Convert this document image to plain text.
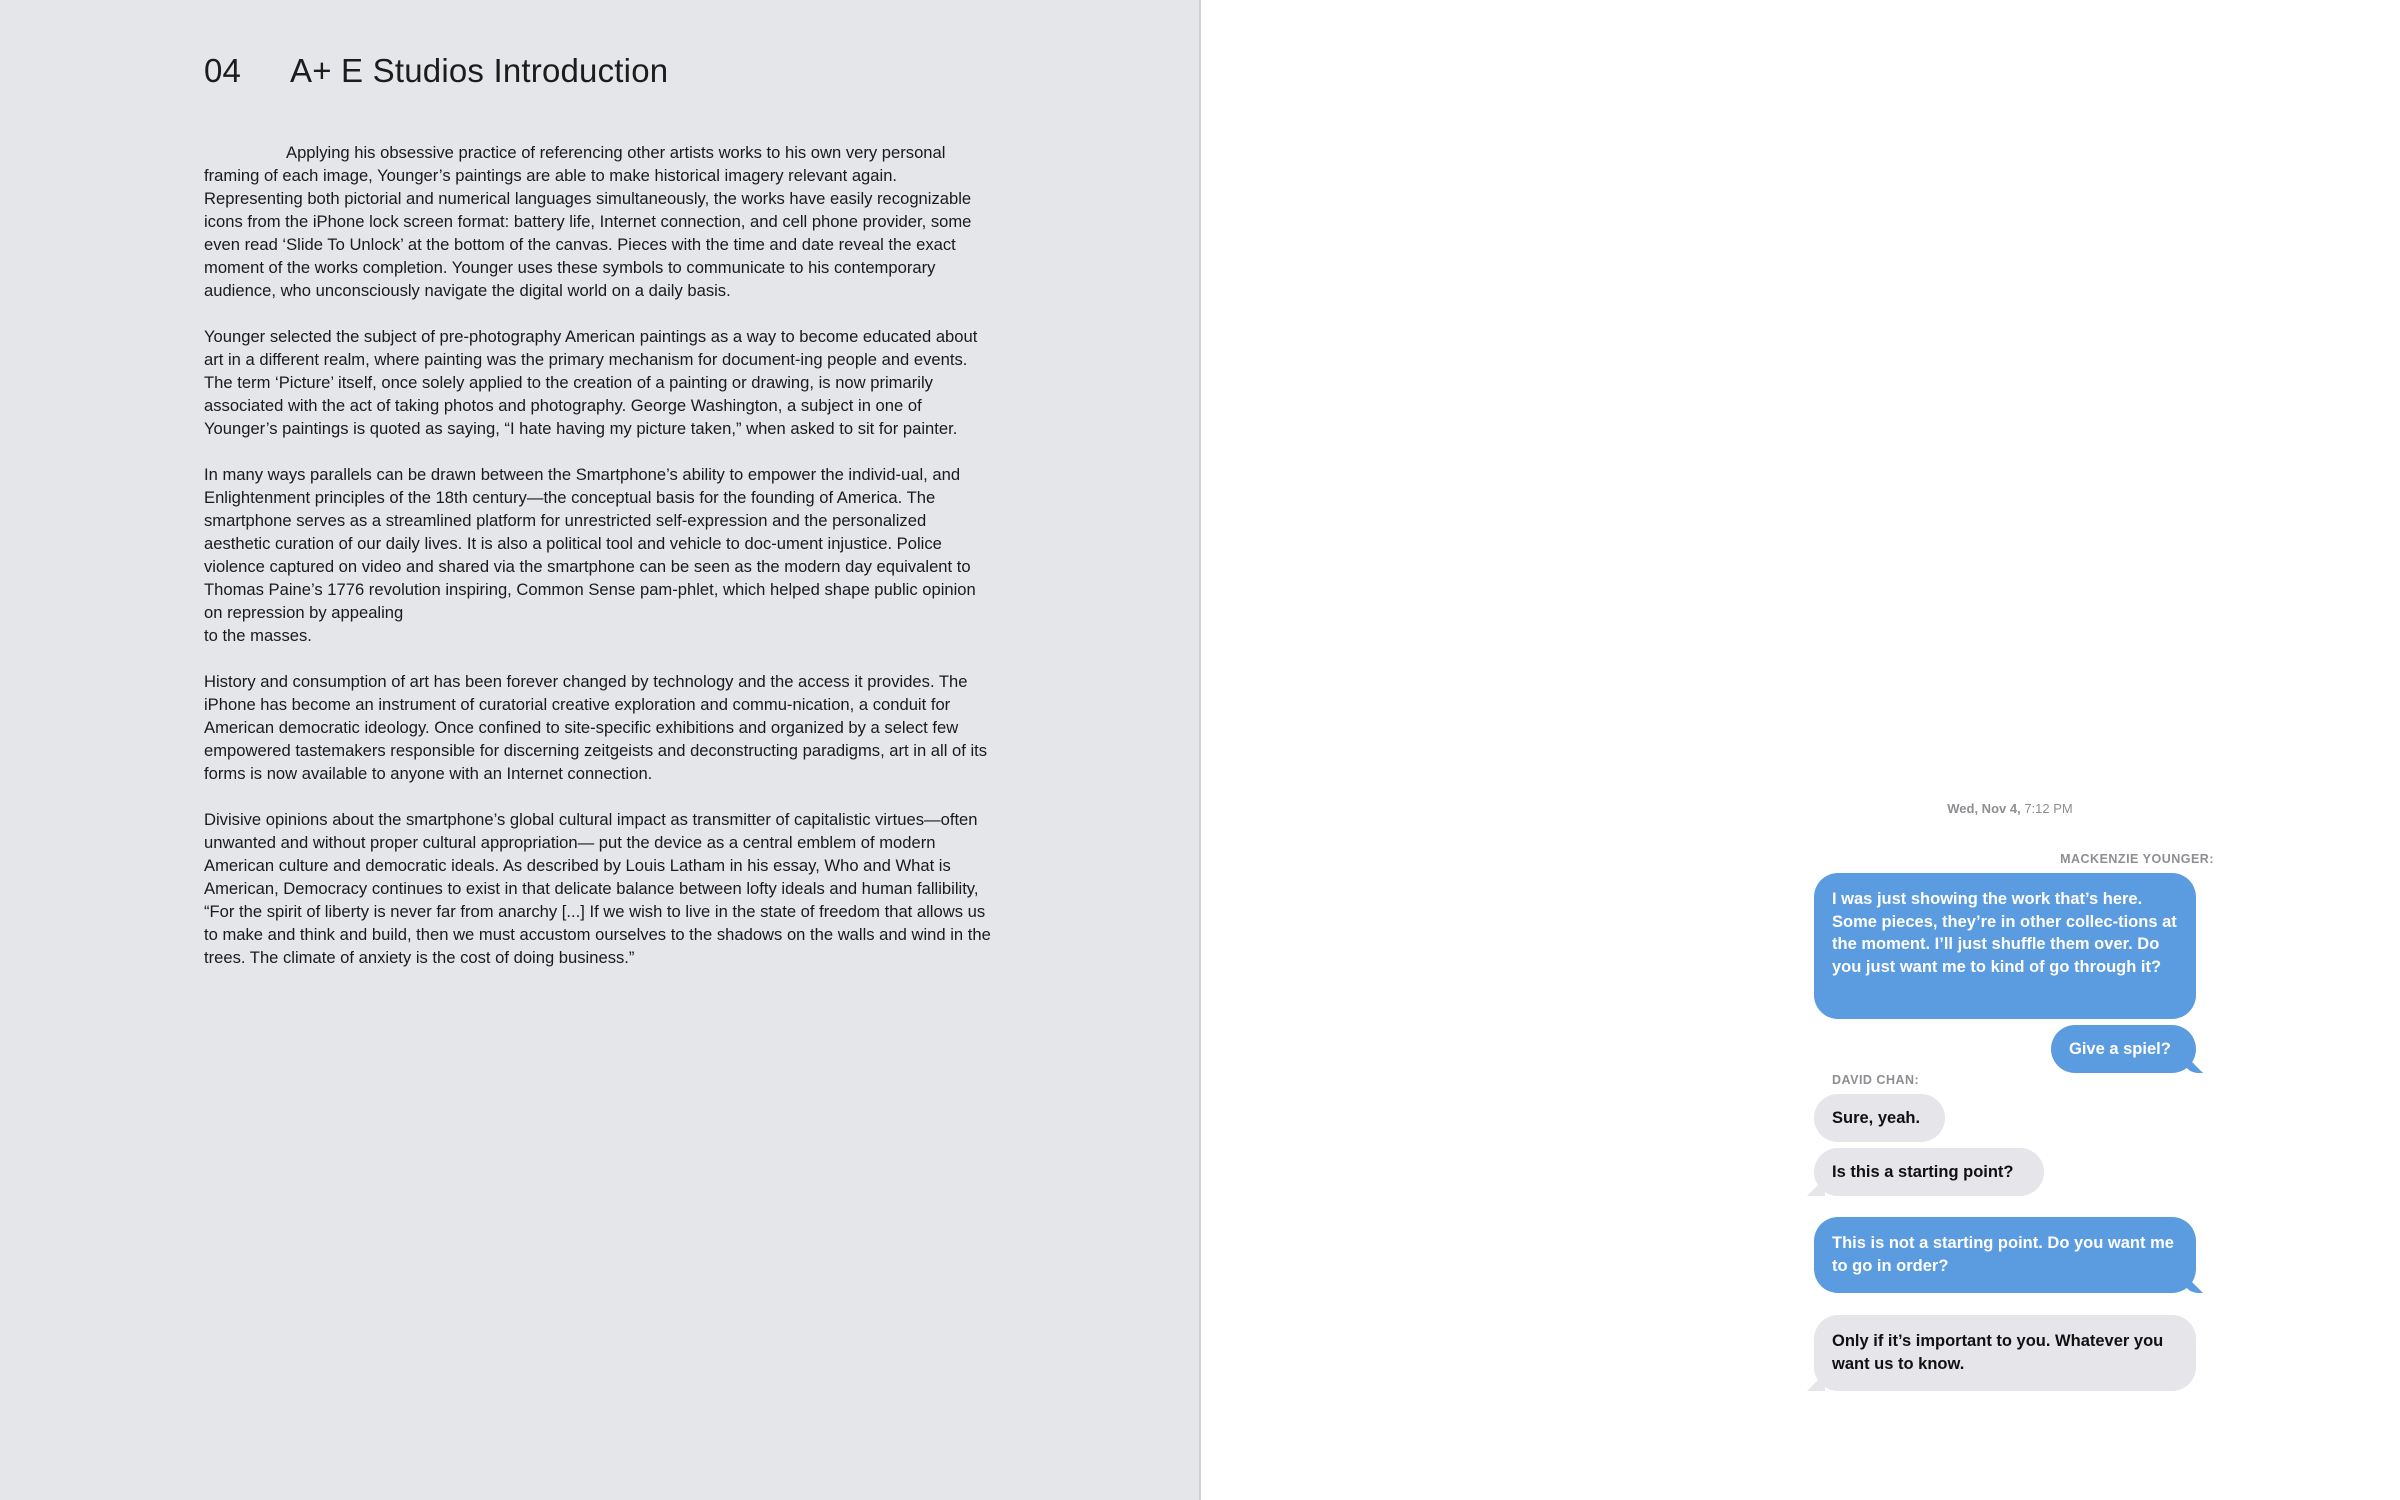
04 A+ E Studios Introduction

Applying his obsessive practice of referencing other artists works to his own very personal framing of each image, Younger’s paintings are able to make historical imagery relevant again. Representing both pictorial and numerical languages simultaneously, the works have easily recognizable icons from the iPhone lock screen format: battery life, Internet connection, and cell phone provider, some even read ‘Slide To Unlock’ at the bottom of the canvas. Pieces with the time and date reveal the exact moment of the works completion. Younger uses these symbols to communicate to his contemporary audience, who unconsciously navigate the digital world on a daily basis.

Younger selected the subject of pre-photography American paintings as a way to become educated about art in a different realm, where painting was the primary mechanism for document-ing people and events. The term ‘Picture’ itself, once solely applied to the creation of a painting or drawing, is now primarily associated with the act of taking photos and photography. George Washington, a subject in one of Younger’s paintings is quoted as saying, “I hate having my picture taken,” when asked to sit for painter.

In many ways parallels can be drawn between the Smartphone’s ability to empower the individ-ual, and Enlightenment principles of the 18th century—the conceptual basis for the founding of America. The smartphone serves as a streamlined platform for unrestricted self-expression and the personalized aesthetic curation of our daily lives. It is also a political tool and vehicle to doc-ument injustice. Police violence captured on video and shared via the smartphone can be seen as the modern day equivalent to Thomas Paine’s 1776 revolution inspiring, Common Sense pam-phlet, which helped shape public opinion on repression by appealing
to the masses.

History and consumption of art has been forever changed by technology and the access it provides. The iPhone has become an instrument of curatorial creative exploration and commu-nication, a conduit for American democratic ideology. Once confined to site-specific exhibitions and organized by a select few empowered tastemakers responsible for discerning zeitgeists and deconstructing paradigms, art in all of its forms is now available to anyone with an Internet connection.

Divisive opinions about the smartphone’s global cultural impact as transmitter of capitalistic virtues—often unwanted and without proper cultural appropriation— put the device as a central emblem of modern American culture and democratic ideals. As described by Louis Latham in his essay, Who and What is American, Democracy continues to exist in that delicate balance between lofty ideals and human fallibility, “For the spirit of liberty is never far from anarchy [...] If we wish to live in the state of freedom that allows us to make and think and build, then we must accustom ourselves to the shadows on the walls and wind in the trees. The climate of anxiety is the cost of doing business.”

Wed, Nov 4, 7:12 PM
MACKENZIE YOUNGER:
I was just showing the work that’s here. Some pieces, they’re in other collec-tions at the moment. I’ll just shuffle them over. Do you just want me to kind of go through it?
Give a spiel?
DAVID CHAN:
Sure, yeah.
Is this a starting point?
This is not a starting point. Do you want me to go in order?
Only if it’s important to you. Whatever you want us to know.
